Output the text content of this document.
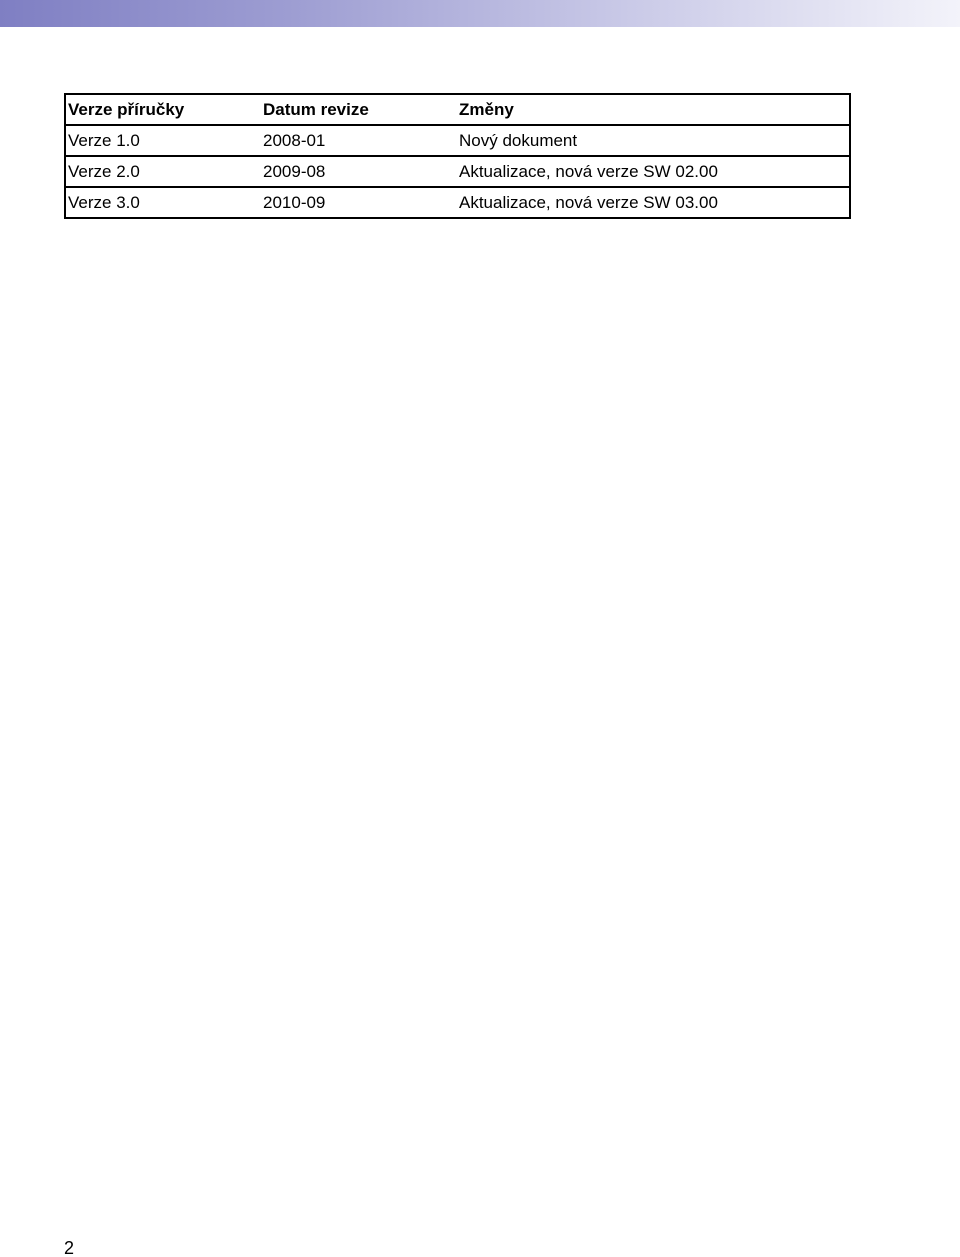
Verze příručky	Datum revize	Změny
Verze 1.0	2008-01	Nový dokument
Verze 2.0	2009-08	Aktualizace, nová verze SW 02.00
Verze 3.0	2010-09	Aktualizace, nová verze SW 03.00
2
